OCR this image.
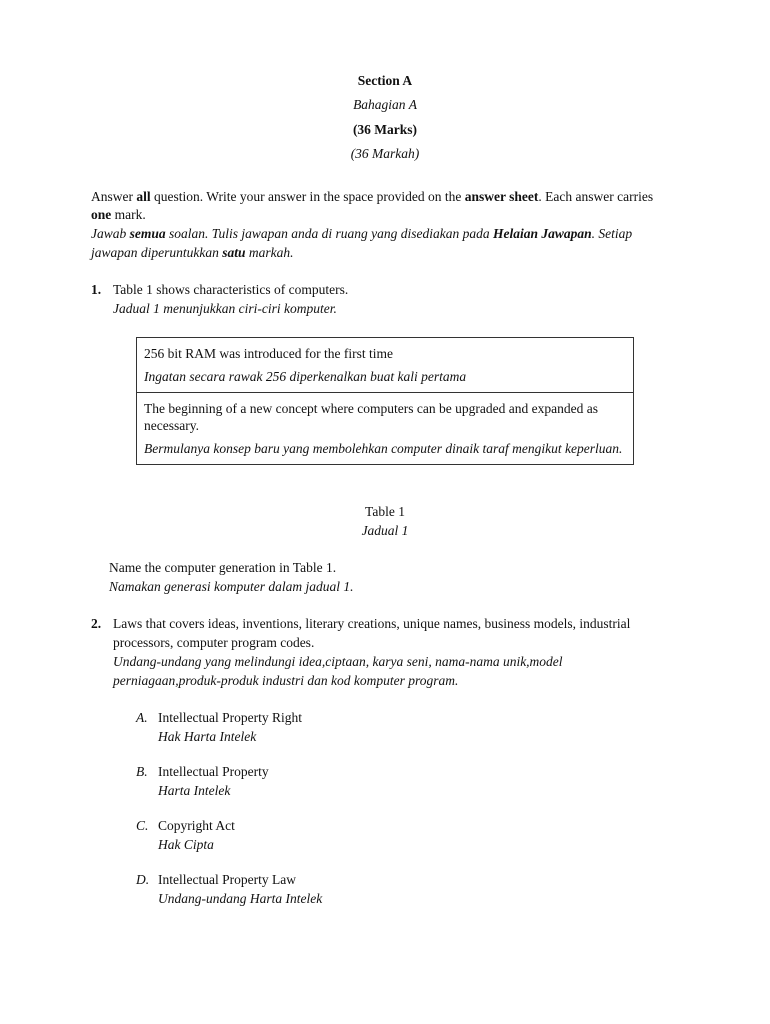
Section A
Bahagian A
(36 Marks)
(36 Markah)
Answer all question. Write your answer in the space provided on the answer sheet. Each answer carries
one mark.
Jawab semua soalan. Tulis jawapan anda di ruang yang disediakan pada Helaian Jawapan. Setiap
jawapan diperuntukkan satu markah.
1. Table 1 shows characteristics of computers.
Jadual 1 menunjukkan ciri-ciri komputer.

256 bit RAM was introduced for the first time

Ingatan secara rawak 256 diperkenalkan buat kali pertama

The beginning of a new concept where computers can be upgraded and expanded as necessary.

Bermulanya konsep baru yang membolehkan computer dinaik taraf mengikut keperluan.

Table 1
Jadual 1
Name the computer generation in Table 1.
Namakan generasi komputer dalam jadual 1.
2. Laws that covers ideas, inventions, literary creations, unique names, business models, industrial
processors, computer program codes.
Undang-undang yang melindungi idea,ciptaan, karya seni, nama-nama unik,model
perniagaan,produk-produk industri dan kod komputer program.
A. Intellectual Property Right
Hak Harta Intelek
B. Intellectual Property
Harta Intelek
C. Copyright Act
Hak Cipta
D. Intellectual Property Law
Undang-undang Harta Intelek
